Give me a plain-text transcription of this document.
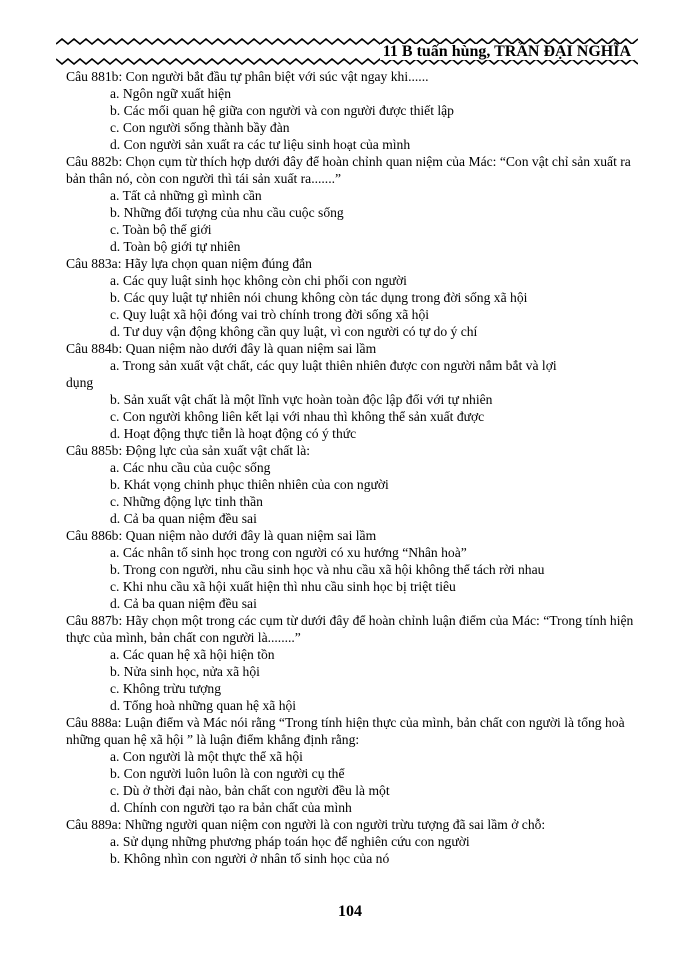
11 B tuấn hùng, TRẦN ĐẠI NGHĨA

Câu 881b: Con người bắt đầu tự phân biệt với súc vật ngay khi......

a. Ngôn ngữ xuất hiện

b. Các mối quan hệ giữa con người và con người được thiết lập

c. Con người sống thành bầy đàn

d. Con người sản xuất ra các tư liệu sinh hoạt của mình

Câu 882b: Chọn cụm từ thích hợp dưới đây để hoàn chỉnh quan niệm của Mác: “Con vật chỉ sản xuất ra bản thân nó, còn con người thì tái sản xuất ra.......”

a. Tất cả những gì mình cần

b. Những đối tượng của nhu cầu cuộc sống

c. Toàn bộ thế giới

d. Toàn bộ giới tự nhiên

Câu 883a: Hãy lựa chọn quan niệm đúng đắn

a. Các quy luật sinh học không còn chi phối con người

b. Các quy luật tự nhiên nói chung không còn tác dụng trong đời sống xã hội

c. Quy luật xã hội đóng vai trò chính trong đời sống xã hội

d. Tư duy vận động không cần quy luật, vì con người có tự do ý chí

Câu 884b: Quan niệm nào dưới đây là quan niệm sai lầm

a. Trong sản xuất vật chất, các quy luật thiên nhiên được con người nắm bắt và lợi

dụng

b. Sản xuất vật chất là một lĩnh vực hoàn toàn độc lập đối với tự nhiên

c. Con người không liên kết lại với nhau thì không thể sản xuất được

d. Hoạt động thực tiễn là hoạt động có ý thức

Câu 885b: Động lực của sản xuất vật chất là:

a. Các nhu cầu của cuộc sống

b. Khát vọng chinh phục thiên nhiên của con người

c. Những động lực tinh thần

d. Cả ba quan niệm đều sai

Câu 886b: Quan niệm nào dưới đây là quan niệm sai lầm

a. Các nhân tố sinh học trong con người có xu hướng “Nhân hoà”

b. Trong con người, nhu cầu sinh học và nhu cầu xã hội không thể tách rời nhau

c. Khi nhu cầu xã hội xuất hiện thì nhu cầu sinh học bị triệt tiêu

d. Cả ba quan niệm đều sai

Câu 887b: Hãy chọn một trong các cụm từ dưới đây để hoàn chỉnh luận điểm của Mác: “Trong tính hiện thực của mình, bản chất con người là........”

a. Các quan hệ xã hội hiện tồn

b. Nửa sinh học, nửa xã hội

c. Không trừu tượng

d. Tổng hoà những quan hệ xã hội

Câu 888a: Luận điểm và Mác nói rằng “Trong tính hiện thực của mình, bản chất con người là tổng hoà những quan hệ xã hội ” là luận điểm khẳng định rằng:

a. Con người là một thực thể xã hội

b. Con người luôn luôn là con người cụ thể

c. Dù ở thời đại nào, bản chất con người đều là một

d. Chính con người tạo ra bản chất của mình

Câu 889a: Những người quan niệm con người là con người trừu tượng đã sai lầm ở chỗ:

a. Sử dụng những phương pháp toán học để nghiên cứu con người

b. Không nhìn con người ở nhân tố sinh học của nó

104
